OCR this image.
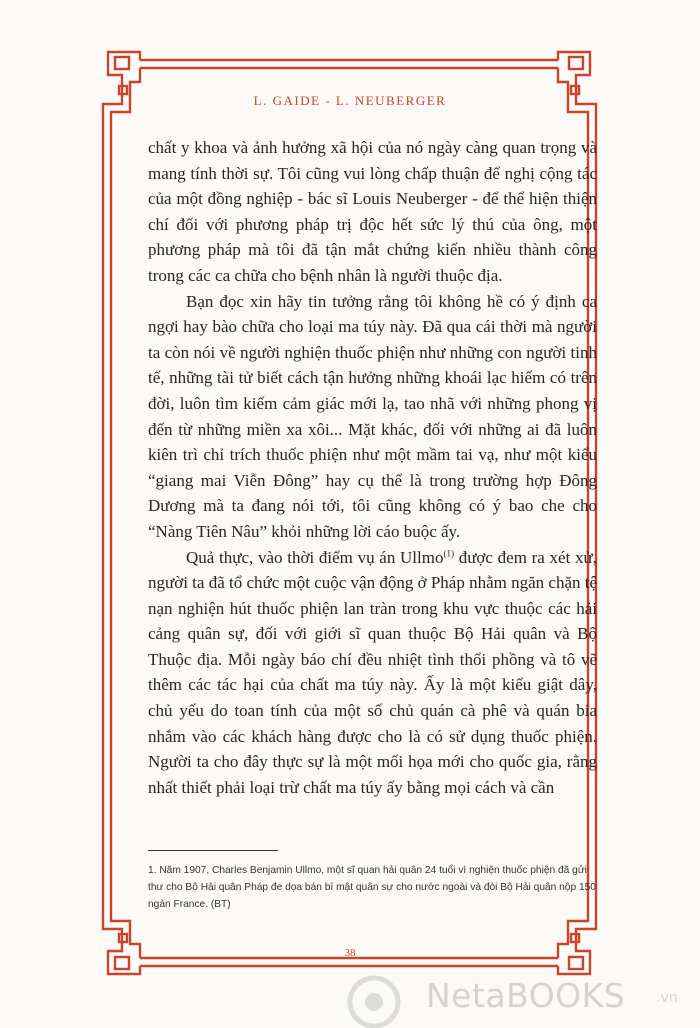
L. GAIDE - L. NEUBERGER

chất y khoa và ảnh hưởng xã hội của nó ngày càng quan trọng và mang tính thời sự. Tôi cũng vui lòng chấp thuận để nghị cộng tác của một đồng nghiệp - bác sĩ Louis Neuberger - để thể hiện thiện chí đối với phương pháp trị độc hết sức lý thú của ông, một phương pháp mà tôi đã tận mắt chứng kiến nhiều thành công trong các ca chữa cho bệnh nhân là người thuộc địa.

Bạn đọc xin hãy tin tưởng rằng tôi không hề có ý định ca ngợi hay bào chữa cho loại ma túy này. Đã qua cái thời mà người ta còn nói về người nghiện thuốc phiện như những con người tinh tế, những tài tử biết cách tận hưởng những khoái lạc hiếm có trên đời, luôn tìm kiếm cảm giác mới lạ, tao nhã với những phong vị đến từ những miền xa xôi... Mặt khác, đối với những ai đã luôn kiên trì chỉ trích thuốc phiện như một mầm tai vạ, như một kiểu “giang mai Viễn Đông” hay cụ thể là trong trường hợp Đông Dương mà ta đang nói tới, tôi cũng không có ý bao che cho “Nàng Tiên Nâu” khỏi những lời cáo buộc ấy.

Quả thực, vào thời điểm vụ án Ullmo$^{(1)}$ được đem ra xét xử, người ta đã tổ chức một cuộc vận động ở Pháp nhằm ngăn chặn tệ nạn nghiện hút thuốc phiện lan tràn trong khu vực thuộc các hải cảng quân sự, đối với giới sĩ quan thuộc Bộ Hải quân và Bộ Thuộc địa. Mỗi ngày báo chí đều nhiệt tình thổi phồng và tô vẽ thêm các tác hại của chất ma túy này. Ấy là một kiểu giật dây, chủ yếu do toan tính của một số chủ quán cà phê và quán bia nhắm vào các khách hàng được cho là có sử dụng thuốc phiện. Người ta cho đây thực sự là một mối họa mới cho quốc gia, rằng nhất thiết phải loại trừ chất ma túy ấy bằng mọi cách và cần

1. Năm 1907, Charles Benjamin Ullmo, một sĩ quan hải quân 24 tuổi vì nghiện thuốc phiện đã gửi thư cho Bộ Hải quân Pháp đe dọa bán bí mật quân sự cho nước ngoài và đòi Bộ Hải quân nộp 150 ngàn France. (BT)
38
NetaBOOKS .vn
